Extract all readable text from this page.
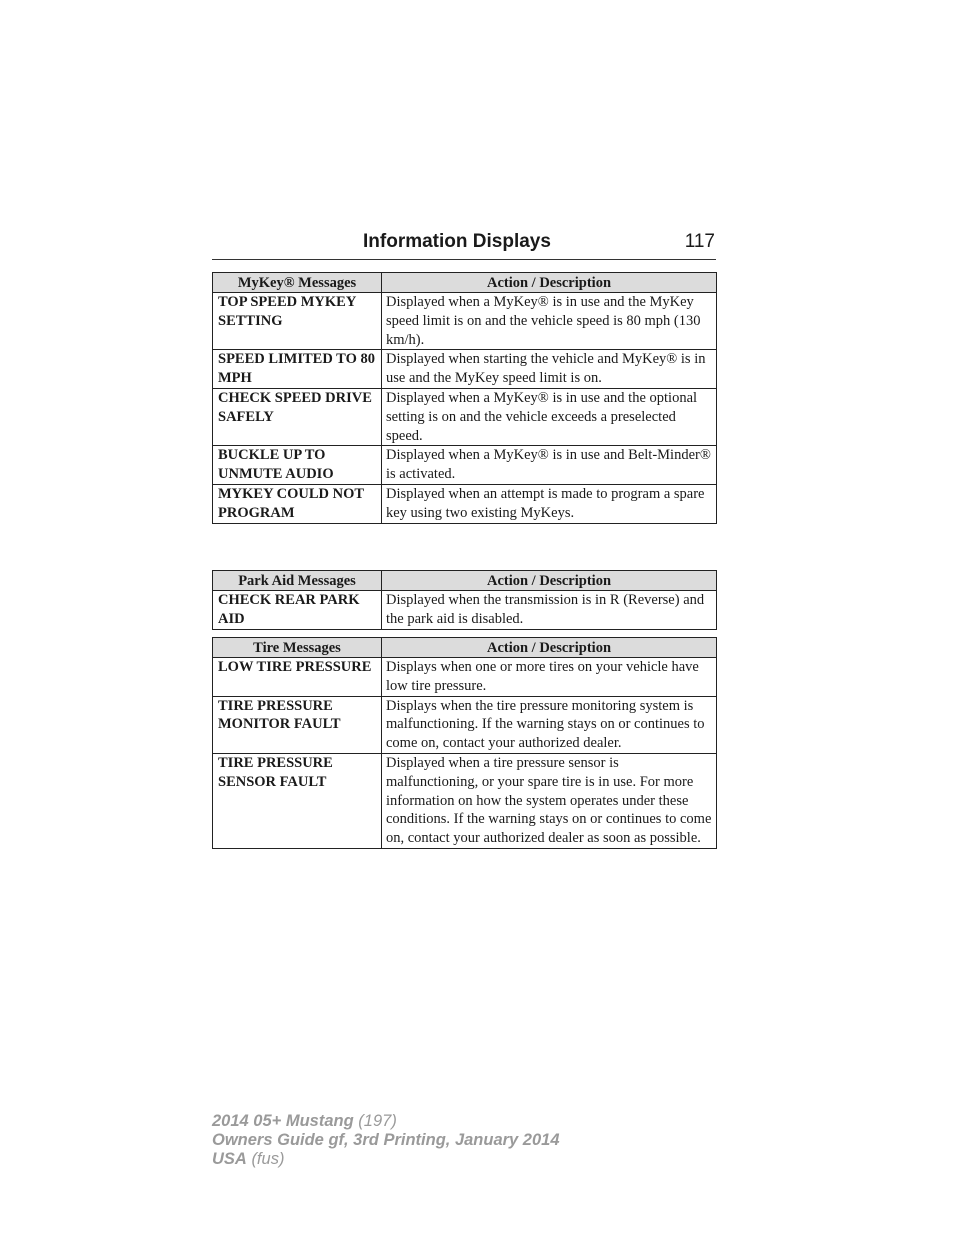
Information Displays	117
MyKey® Messages	Action / Description
TOP SPEED MYKEY SETTING	Displayed when a MyKey® is in use and the MyKey speed limit is on and the vehicle speed is 80 mph (130 km/h).
SPEED LIMITED TO 80 MPH	Displayed when starting the vehicle and MyKey® is in use and the MyKey speed limit is on.
CHECK SPEED DRIVE SAFELY	Displayed when a MyKey® is in use and the optional setting is on and the vehicle exceeds a preselected speed.
BUCKLE UP TO UNMUTE AUDIO	Displayed when a MyKey® is in use and Belt-Minder® is activated.
MYKEY COULD NOT PROGRAM	Displayed when an attempt is made to program a spare key using two existing MyKeys.
Park Aid Messages	Action / Description
CHECK REAR PARK AID	Displayed when the transmission is in R (Reverse) and the park aid is disabled.
Tire Messages	Action / Description
LOW TIRE PRESSURE	Displays when one or more tires on your vehicle have low tire pressure.
TIRE PRESSURE MONITOR FAULT	Displays when the tire pressure monitoring system is malfunctioning. If the warning stays on or continues to come on, contact your authorized dealer.
TIRE PRESSURE SENSOR FAULT	Displayed when a tire pressure sensor is malfunctioning, or your spare tire is in use. For more information on how the system operates under these conditions. If the warning stays on or continues to come on, contact your authorized dealer as soon as possible.
2014 05+ Mustang (197)
Owners Guide gf, 3rd Printing, January 2014
USA (fus)
